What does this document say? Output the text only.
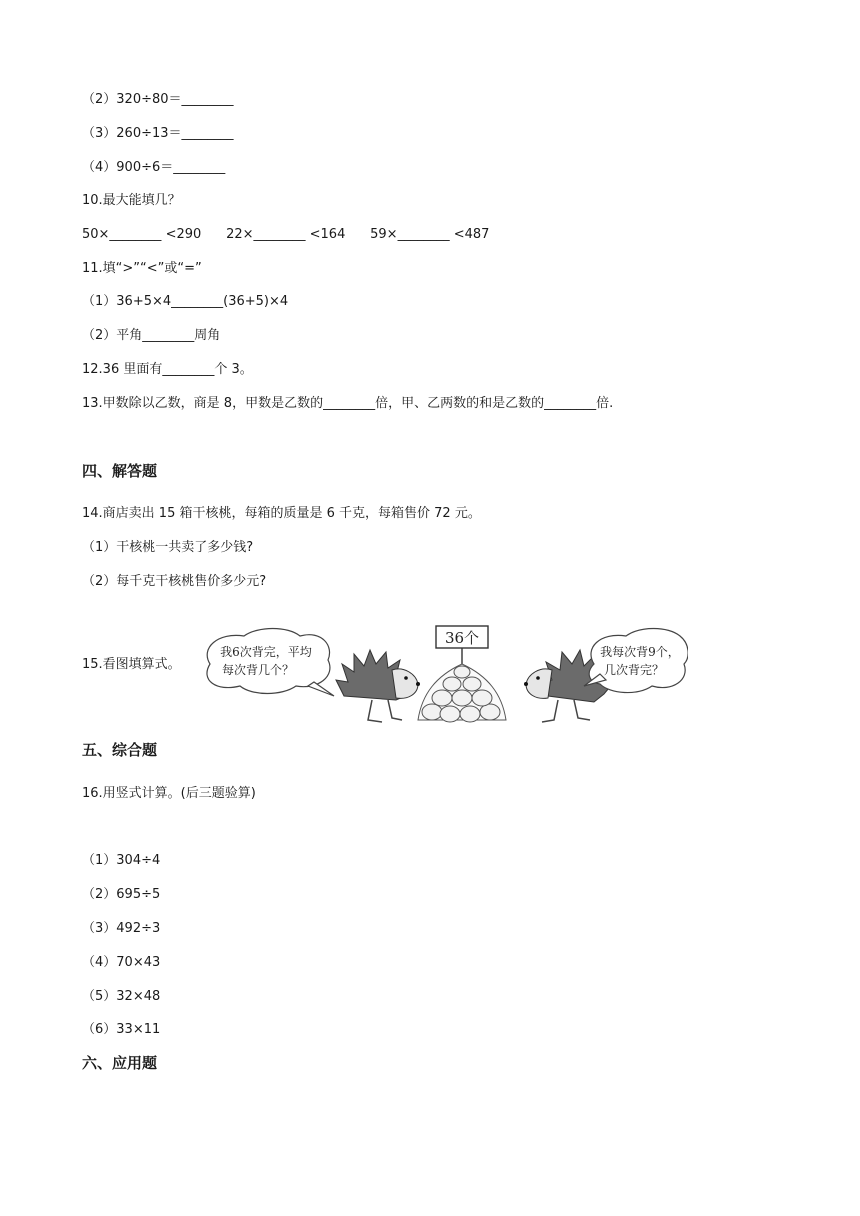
（2）320÷80＝________
（3）260÷13＝________
（4）900÷6＝________
10.最大能填几？
50×________ <290      22×________ <164      59×________ <487
11.填“>”“<”或“=”
（1）36+5×4________(36+5)×4
（2）平角________周角
12.36 里面有________个 3。
13.甲数除以乙数，商是 8，甲数是乙数的________倍，甲、乙两数的和是乙数的________倍.
四、解答题
14.商店卖出 15 箱干核桃，每箱的质量是 6 千克，每箱售价 72 元。
（1）干核桃一共卖了多少钱?
（2）每千克干核桃售价多少元?
15.看图填算式。
我6次背完，平均
每次背几个？
36个
我每次背9个，
几次背完？
五、综合题
16.用竖式计算。(后三题验算)
（1）304÷4
（2）695÷5
（3）492÷3
（4）70×43
（5）32×48
（6）33×11
六、应用题
